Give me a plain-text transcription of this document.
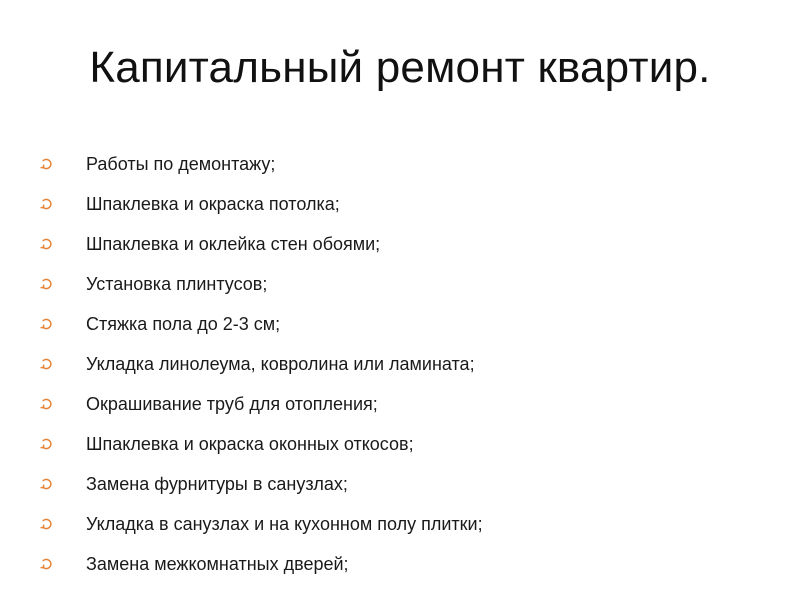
Капитальный ремонт квартир.
Работы по демонтажу;
Шпаклевка и окраска потолка;
Шпаклевка и оклейка стен обоями;
Установка плинтусов;
Стяжка пола до 2-3 см;
Укладка линолеума, ковролина или ламината;
Окрашивание труб для отопления;
Шпаклевка и окраска оконных откосов;
Замена фурнитуры в санузлах;
Укладка в санузлах и на кухонном полу плитки;
Замена межкомнатных дверей;
